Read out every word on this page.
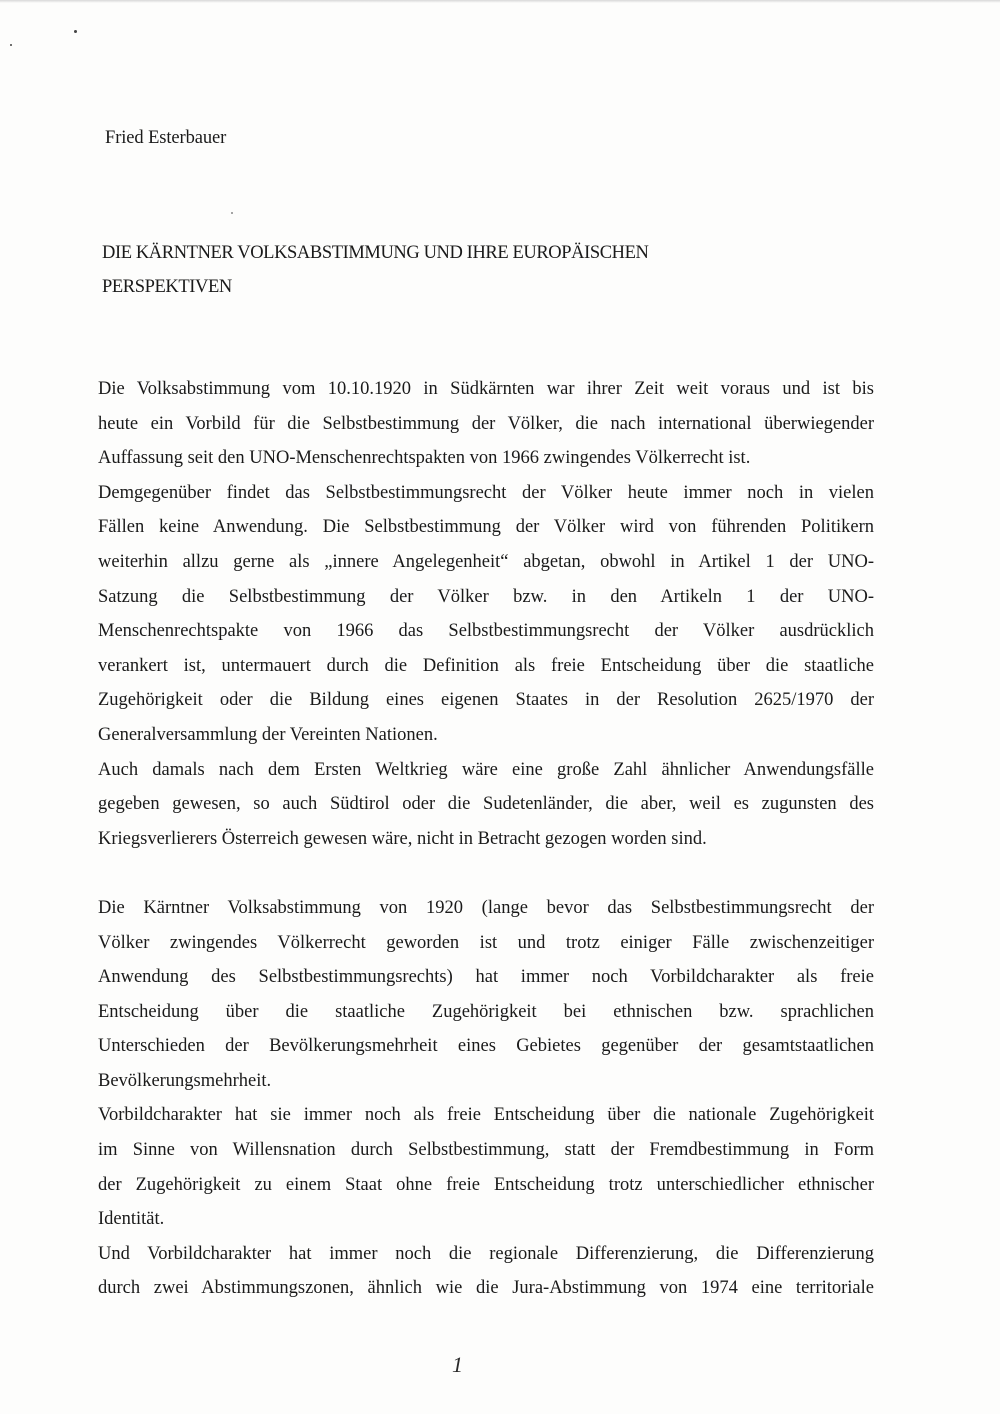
Fried Esterbauer
DIE KÄRNTNER VOLKSABSTIMMUNG UND IHRE EUROPÄISCHEN
PERSPEKTIVEN
Die Volksabstimmung vom 10.10.1920 in Südkärnten war ihrer Zeit weit voraus und ist bis
heute ein Vorbild für die Selbstbestimmung der Völker, die nach international überwiegender
Auffassung seit den UNO-Menschenrechtspakten von 1966 zwingendes Völkerrecht ist.
Demgegenüber findet das Selbstbestimmungsrecht der Völker heute immer noch in vielen
Fällen keine Anwendung. Die Selbstbestimmung der Völker wird von führenden Politikern
weiterhin allzu gerne als „innere Angelegenheit“ abgetan, obwohl in Artikel 1 der UNO-
Satzung die Selbstbestimmung der Völker bzw. in den Artikeln 1 der UNO-
Menschenrechtspakte von 1966 das Selbstbestimmungsrecht der Völker ausdrücklich
verankert ist, untermauert durch die Definition als freie Entscheidung über die staatliche
Zugehörigkeit oder die Bildung eines eigenen Staates in der Resolution 2625/1970 der
Generalversammlung der Vereinten Nationen.
Auch damals nach dem Ersten Weltkrieg wäre eine große Zahl ähnlicher Anwendungsfälle
gegeben gewesen, so auch Südtirol oder die Sudetenländer, die aber, weil es zugunsten des
Kriegsverlierers Österreich gewesen wäre, nicht in Betracht gezogen worden sind.
Die Kärntner Volksabstimmung von 1920 (lange bevor das Selbstbestimmungsrecht der
Völker zwingendes Völkerrecht geworden ist und trotz einiger Fälle zwischenzeitiger
Anwendung des Selbstbestimmungsrechts) hat immer noch Vorbildcharakter als freie
Entscheidung über die staatliche Zugehörigkeit bei ethnischen bzw. sprachlichen
Unterschieden der Bevölkerungsmehrheit eines Gebietes gegenüber der gesamtstaatlichen
Bevölkerungsmehrheit.
Vorbildcharakter hat sie immer noch als freie Entscheidung über die nationale Zugehörigkeit
im Sinne von Willensnation durch Selbstbestimmung, statt der Fremdbestimmung in Form
der Zugehörigkeit zu einem Staat ohne freie Entscheidung trotz unterschiedlicher ethnischer
Identität.
Und Vorbildcharakter hat immer noch die regionale Differenzierung, die Differenzierung
durch zwei Abstimmungszonen, ähnlich wie die Jura-Abstimmung von 1974 eine territoriale
1
